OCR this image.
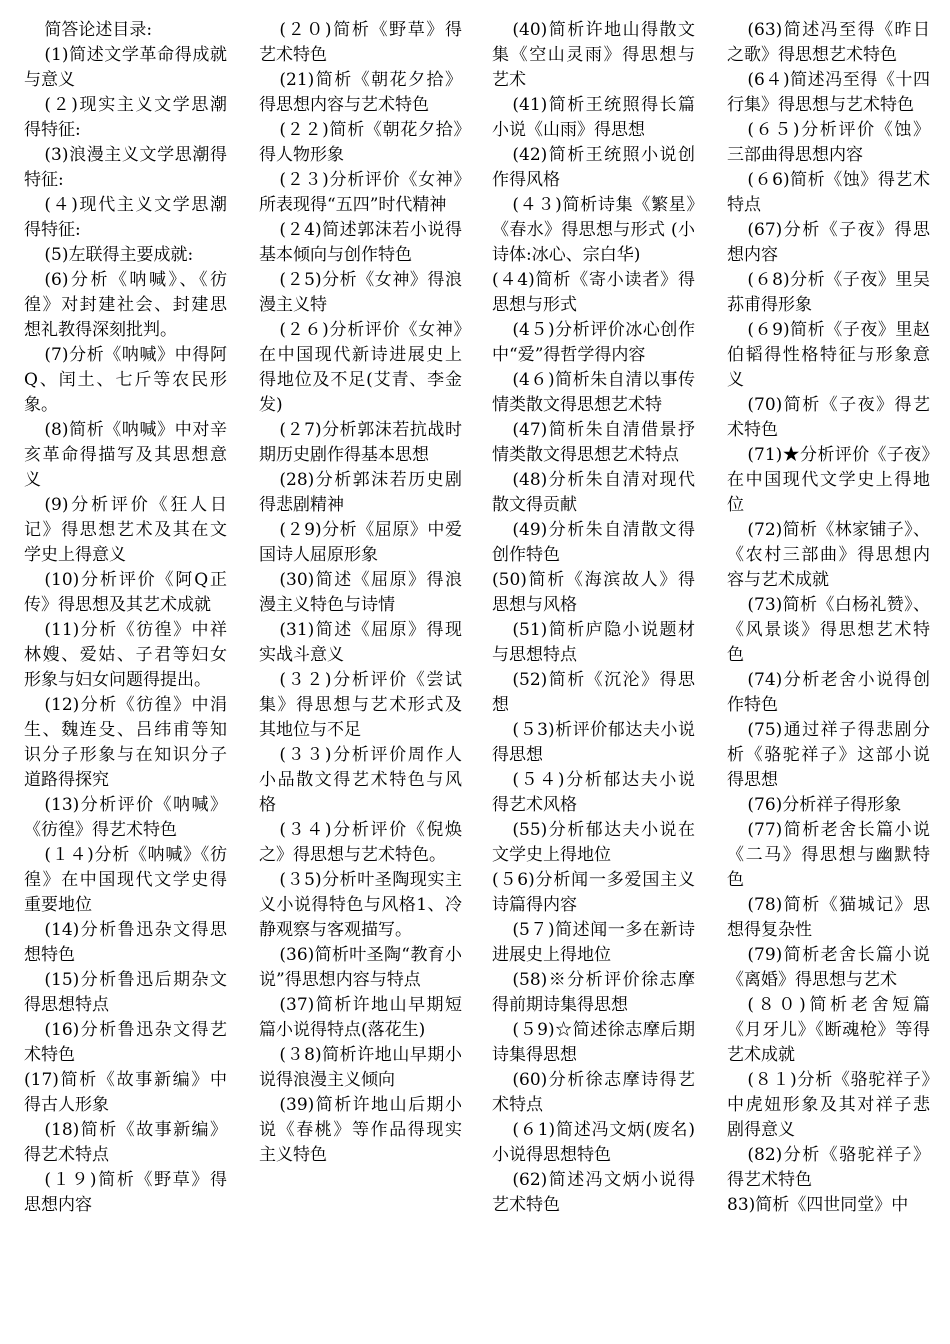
简答论述目录:

(1)简述文学革命得成就与意义

(２)现实主义文学思潮得特征:

(3)浪漫主义文学思潮得特征:

(４)现代主义文学思潮得特征:

(5)左联得主要成就:

(6)分析《呐喊》、《彷徨》对封建社会、封建思想礼教得深刻批判。

(7)分析《呐喊》中得阿Q、闰土、七斤等农民形象。

(8)简析《呐喊》中对辛亥革命得描写及其思想意义

(9)分析评价《狂人日记》得思想艺术及其在文学史上得意义

(10)分析评价《阿Q正传》得思想及其艺术成就

(11)分析《彷徨》中祥林嫂、爱姑、子君等妇女形象与妇女问题得提出。

(12)分析《彷徨》中涓生、魏连殳、吕纬甫等知识分子形象与在知识分子道路得探究

(13)分析评价《呐喊》《彷徨》得艺术特色

(１４)分析《呐喊》《彷徨》在中国现代文学史得重要地位

(14)分析鲁迅杂文得思想特色

(15)分析鲁迅后期杂文得思想特点

(16)分析鲁迅杂文得艺术特色

(17)简析《故事新编》中得古人形象

(18)简析《故事新编》得艺术特点

(１９)简析《野草》得思想内容

(２０)简析《野草》得艺术特色

(21)简析《朝花夕拾》得思想内容与艺术特色

(２２)简析《朝花夕拾》得人物形象

(２３)分析评价《女神》所表现得“五四”时代精神

(２4)简述郭沫若小说得基本倾向与创作特色

(２5)分析《女神》得浪漫主义特

(２６)分析评价《女神》在中国现代新诗进展史上得地位及不足(艾青、李金发)

(２7)分析郭沫若抗战时期历史剧作得基本思想

(28)分析郭沫若历史剧得悲剧精神

(２9)分析《屈原》中爱国诗人屈原形象

(30)简述《屈原》得浪漫主义特色与诗情

(31)简述《屈原》得现实战斗意义

(３２)分析评价《尝试集》得思想与艺术形式及其地位与不足

(３３)分析评价周作人小品散文得艺术特色与风格

(３４)分析评价《倪焕之》得思想与艺术特色。

(３5)分析叶圣陶现实主义小说得特色与风格1、冷静观察与客观描写。

(36)简析叶圣陶“教育小说”得思想内容与特点

(37)简析许地山早期短篇小说得特点(落花生)

(３8)简析许地山早期小说得浪漫主义倾向

(39)简析许地山后期小说《春桃》等作品得现实主义特色

(40)简析许地山得散文集《空山灵雨》得思想与艺术

(41)简析王统照得长篇小说《山雨》得思想

(42)简析王统照小说创作得风格

(４３)简析诗集《繁星》《春水》得思想与形式 (小诗体:冰心、宗白华)

(４4)简析《寄小读者》得思想与形式

(4５)分析评价冰心创作中“爱”得哲学得内容

(4６)简析朱自清以事传情类散文得思想艺术特

(47)简析朱自清借景抒情类散文得思想艺术特点

(48)分析朱自清对现代散文得贡献

(49)分析朱自清散文得创作特色

(50)简析《海滨故人》得思想与风格

(51)简析庐隐小说题材与思想特点

(52)简析《沉沦》得思想

(５3)析评价郁达夫小说得思想

(５４)分析郁达夫小说得艺术风格

(55)分析郁达夫小说在文学史上得地位

(５6)分析闻一多爱国主义诗篇得内容

(5７)简述闻一多在新诗进展史上得地位

(58)※分析评价徐志摩得前期诗集得思想

(５9)☆简述徐志摩后期诗集得思想

(60)分析徐志摩诗得艺术特点

(６1)简述冯文炳(废名)小说得思想特色

(62)简述冯文炳小说得艺术特色

(63)简述冯至得《昨日之歌》得思想艺术特色

(6４)简述冯至得《十四行集》得思想与艺术特色

(６５)分析评价《蚀》三部曲得思想内容

(６6)简析《蚀》得艺术特点

(67)分析《子夜》得思想内容

(６8)分析《子夜》里吴荪甫得形象

(６9)简析《子夜》里赵伯韬得性格特征与形象意义

(70)简析《子夜》得艺术特色

(71)★分析评价《子夜》在中国现代文学史上得地位

(72)简析《林家铺子》、《农村三部曲》得思想内容与艺术成就

(73)简析《白杨礼赞》、《风景谈》得思想艺术特色

(74)分析老舍小说得创作特色

(75)通过祥子得悲剧分析《骆驼祥子》这部小说得思想

(76)分析祥子得形象

(77)简析老舍长篇小说《二马》得思想与幽默特色

(78)简析《猫城记》思想得复杂性

(79)简析老舍长篇小说《离婚》得思想与艺术

(８０)简析老舍短篇《月牙儿》《断魂枪》等得艺术成就

(８１)分析《骆驼祥子》中虎妞形象及其对祥子悲剧得意义

(82)分析《骆驼祥子》得艺术特色

83)简析《四世同堂》中
